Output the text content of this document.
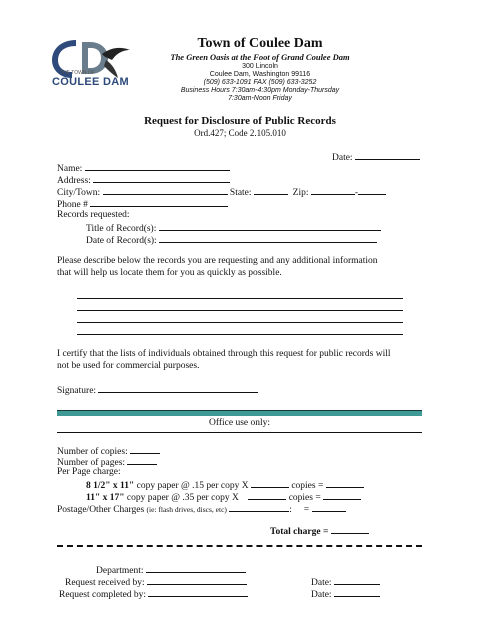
THE TOWN OF
COULEE DAM
Town of Coulee Dam
The Green Oasis at the Foot of Grand Coulee Dam
300 Lincoln
Coulee Dam, Washington 99116
(509) 633-1091 FAX (509) 633-3252
Business Hours 7:30am-4:30pm Monday-Thursday
7:30am-Noon Friday
Request for Disclosure of Public Records
Ord.427; Code 2.105.010
Date:
Name:
Address:
City/Town:	State:	Zip:	-
Phone #
Records requested:
Title of Record(s):
Date of Record(s):
Please describe below the records you are requesting and any additional information
that will help us locate them for you as quickly as possible.
I certify that the lists of individuals obtained through this request for public records will
not be used for commercial purposes.
Signature:
Office use only:
Number of copies:
Number of pages:
Per Page charge:
8 1/2" x 11" copy paper @ .15 per copy X	copies =
11" x 17" copy paper @ .35 per copy X	copies =
Postage/Other Charges (ie: flash drives, discs, etc)	:     =
Total charge =
Department:
Request received by:	Date:
Request completed by:	Date:
